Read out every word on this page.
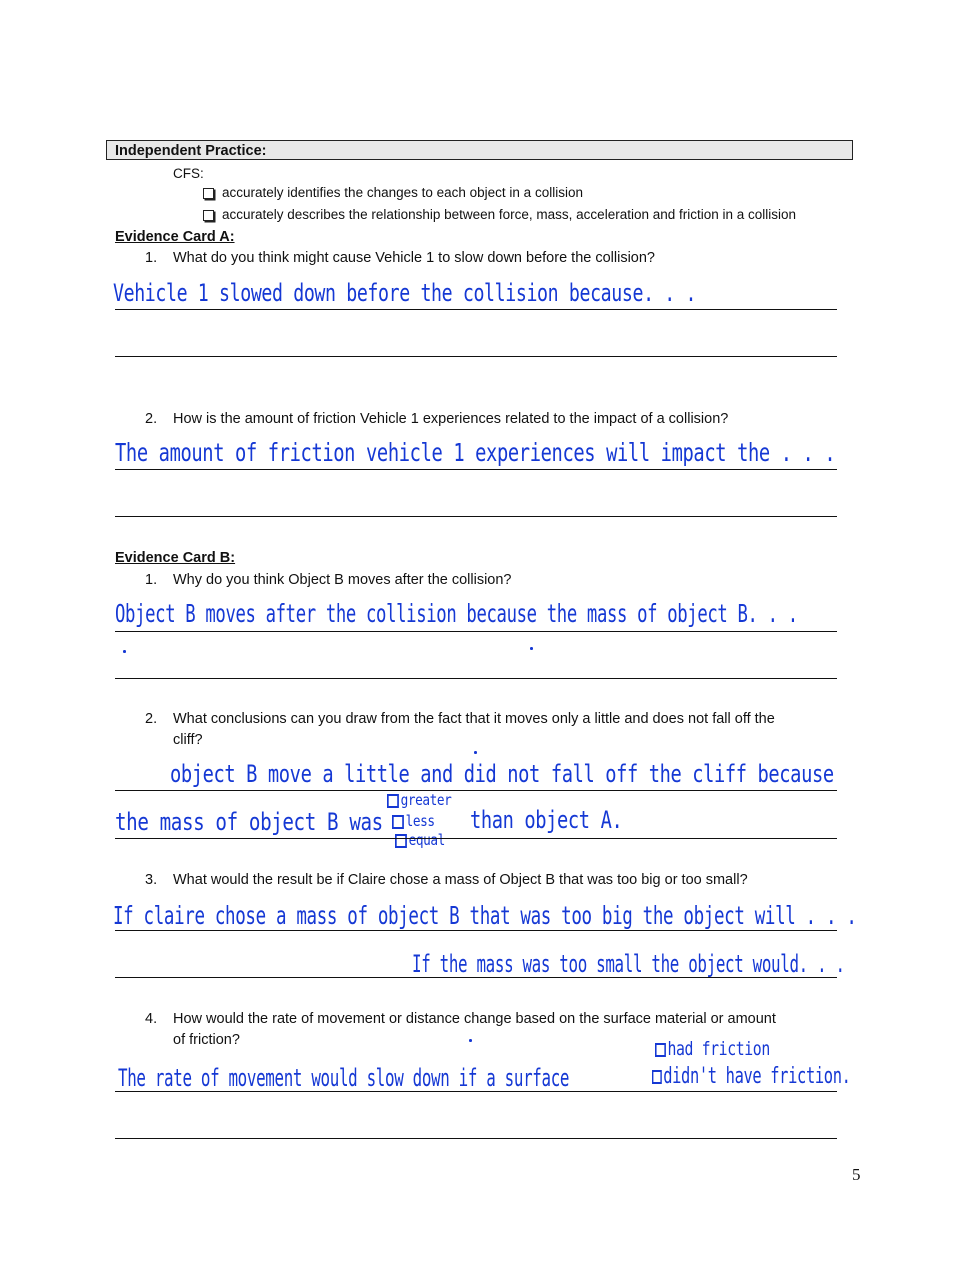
Independent Practice:
CFS:
accurately identifies the changes to each object in a collision
accurately describes the relationship between force, mass, acceleration and friction in a collision
Evidence Card A:
1. What do you think might cause Vehicle 1 to slow down before the collision?
Vehicle 1 slowed down before the collision because. . .
2. How is the amount of friction Vehicle 1 experiences related to the impact of a collision?
The amount of friction vehicle 1 experiences will impact the . . .
Evidence Card B:
1. Why do you think Object B moves after the collision?
Object B moves after the collision because the mass of object B. . .
2. What conclusions can you draw from the fact that it moves only a little and does not fall off the
cliff?
object B move a little and did not fall off the cliff because
the mass of object B was
greater
less
equal
than object A.
3. What would the result be if Claire chose a mass of Object B that was too big or too small?
If claire chose a mass of object B that was too big the object will . . .
If the mass was too small the object would. . .
4. How would the rate of movement or distance change based on the surface material or amount
of friction?	had friction
The rate of movement would slow down if a surface	didn't have friction.
5
